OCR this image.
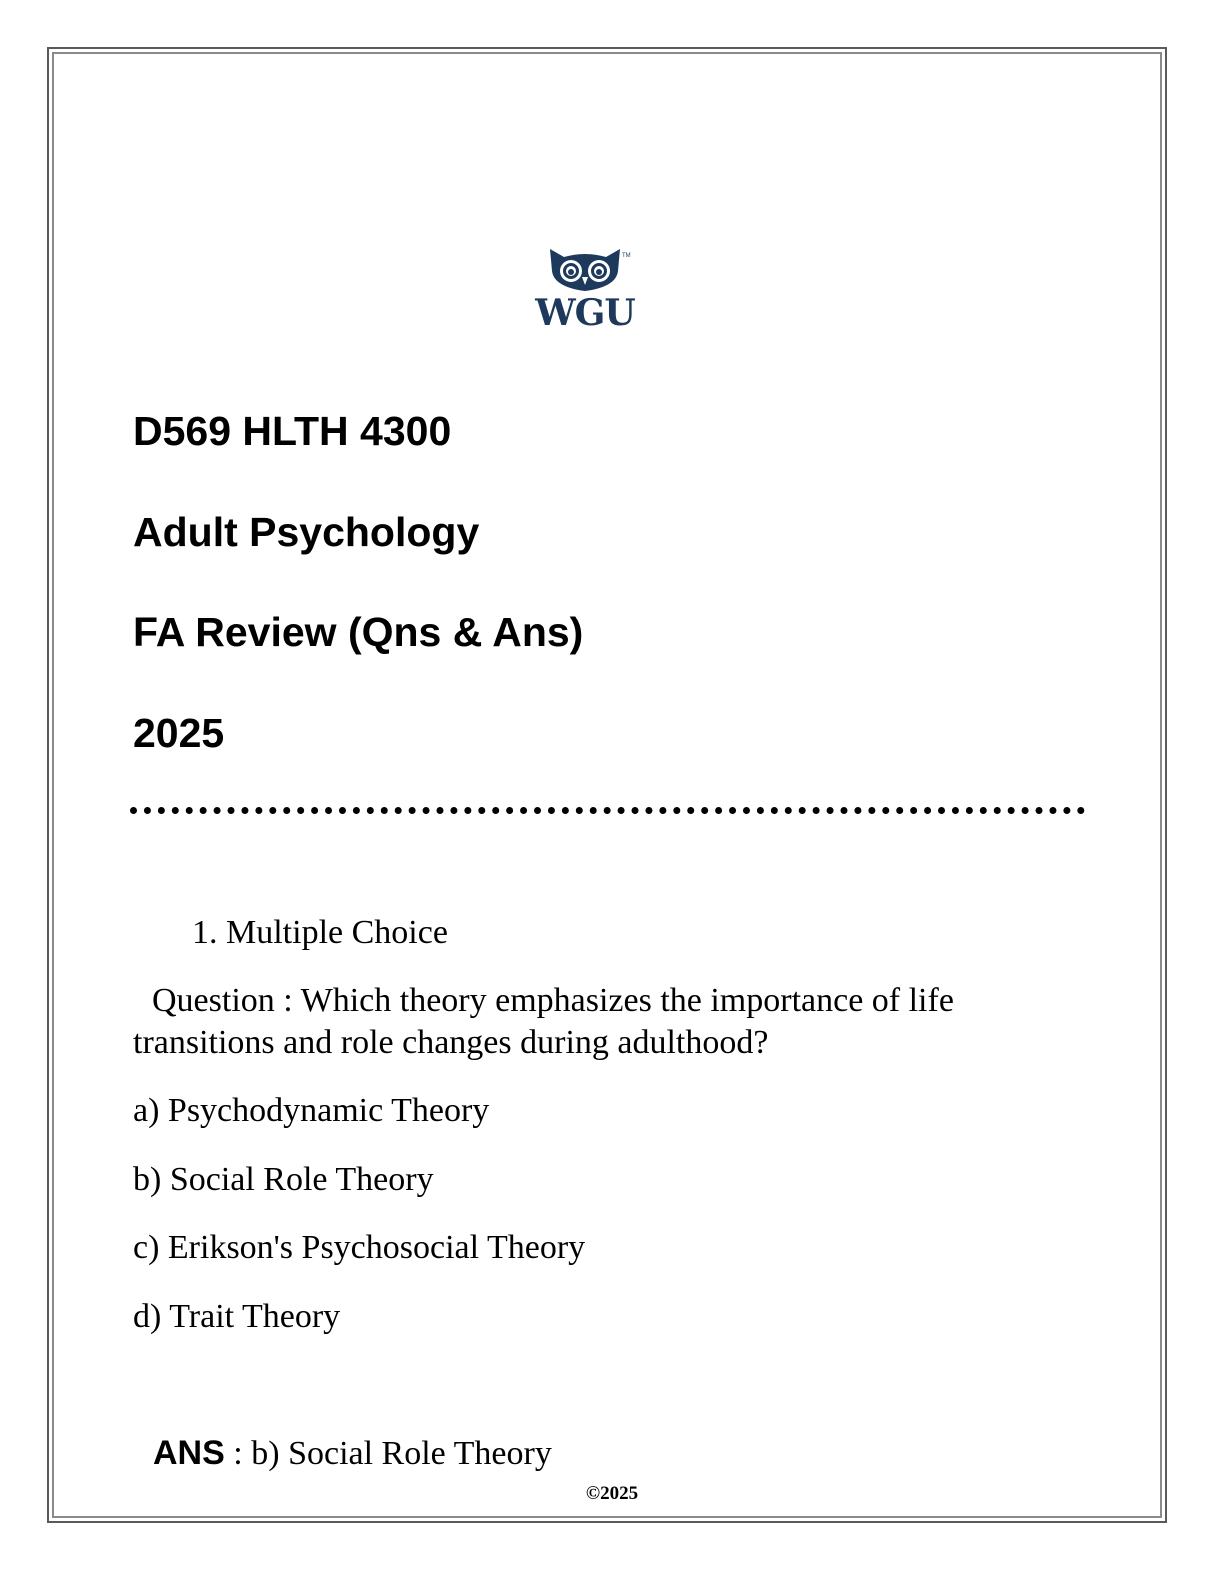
TM
WGU
D569 HLTH 4300
Adult Psychology
FA Review (Qns & Ans)
2025
1. Multiple Choice
Question : Which theory emphasizes the importance of life
transitions and role changes during adulthood?
a) Psychodynamic Theory
b) Social Role Theory
c) Erikson's Psychosocial Theory
d) Trait Theory
ANS : b) Social Role Theory
©2025
